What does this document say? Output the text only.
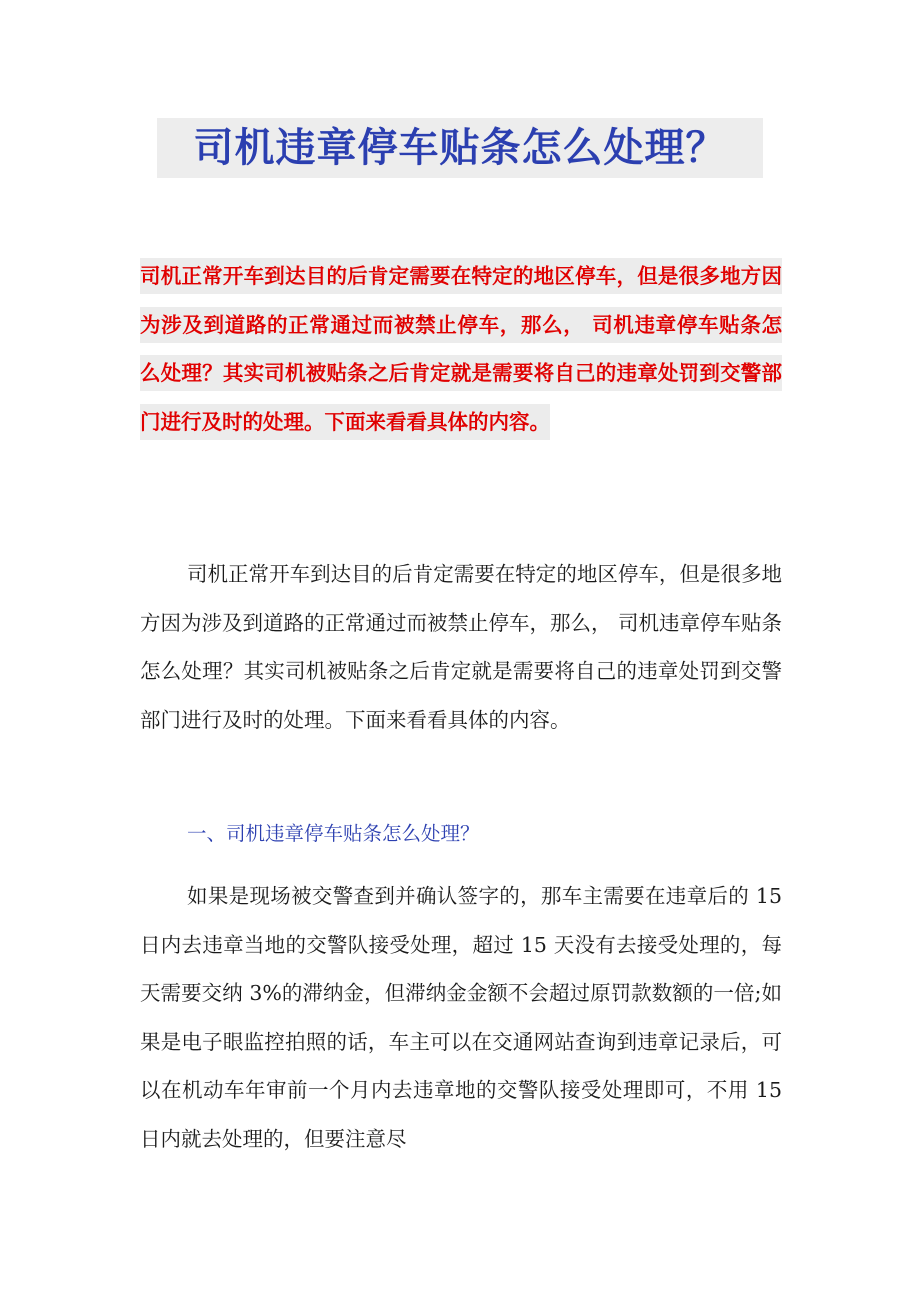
司机违章停车贴条怎么处理？
司机正常开车到达目的后肯定需要在特定的地区停车，但是很多地方因为涉及到道路的正常通过而被禁止停车，那么， 司机违章停车贴条怎么处理？其实司机被贴条之后肯定就是需要将自己的违章处罚到交警部门进行及时的处理。下面来看看具体的内容。
司机正常开车到达目的后肯定需要在特定的地区停车，但是很多地方因为涉及到道路的正常通过而被禁止停车，那么， 司机违章停车贴条怎么处理？其实司机被贴条之后肯定就是需要将自己的违章处罚到交警部门进行及时的处理。下面来看看具体的内容。
一、司机违章停车贴条怎么处理？
如果是现场被交警查到并确认签字的，那车主需要在违章后的 15 日内去违章当地的交警队接受处理，超过 15 天没有去接受处理的，每天需要交纳 3%的滞纳金，但滞纳金金额不会超过原罚款数额的一倍;如果是电子眼监控拍照的话，车主可以在交通网站查询到违章记录后，可以在机动车年审前一个月内去违章地的交警队接受处理即可，不用 15 日内就去处理的，但要注意尽
